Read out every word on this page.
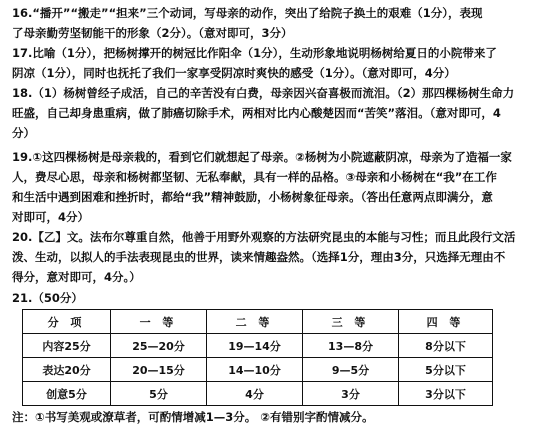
16.“播开”“搬走”“担来”三个动词，写母亲的动作，突出了给院子换土的艰难（1分），表现
了母亲勤劳坚韧能干的形象（2分）。（意对即可，3分）
17.比喻（1分），把杨树撑开的树冠比作阳伞（1分），生动形象地说明杨树给夏日的小院带来了
阴凉（1分），同时也抚托了我们一家享受阴凉时爽快的感受（1分）。（意对即可，4分）
18.（1）杨树曾经子成活，自己的辛苦没有白费，母亲因兴奋喜极而流泪。（2）那四棵杨树生命力
旺盛，自己却身患重病，做了肺癌切除手术，两相对比内心酸楚因而“苦笑”落泪。（意对即可，4
分）
19.①这四棵杨树是母亲栽的，看到它们就想起了母亲。②杨树为小院遮蔽阴凉，母亲为了造福一家
人，费尽心思，母亲和杨树都坚韧、无私奉献，具有一样的品格。③母亲和小杨树在“我”在工作
和生活中遇到困难和挫折时，都给“我”精神鼓励，小杨树象征母亲。（答出任意两点即满分，意
对即可，4分）
20.【乙】文。法布尔尊重自然，他善于用野外观察的方法研究昆虫的本能与习性；而且此段行文活
泼、生动，以拟人的手法表现昆虫的世界，读来情趣盎然。（选择1分，理由3分，只选择无理由不
得分，意对即可，4分。）
21.（50分）
分 项	一 等	二 等	三 等	四 等
内容25分	25—20分	19—14分	13—8分	8分以下
表达20分	20—15分	14—10分	9—5分	5分以下
创意5分	5分	4分	3分	3分以下
注：①书写美观或潦草者，可酌情增减1—3分。 ②有错别字酌情减分。
